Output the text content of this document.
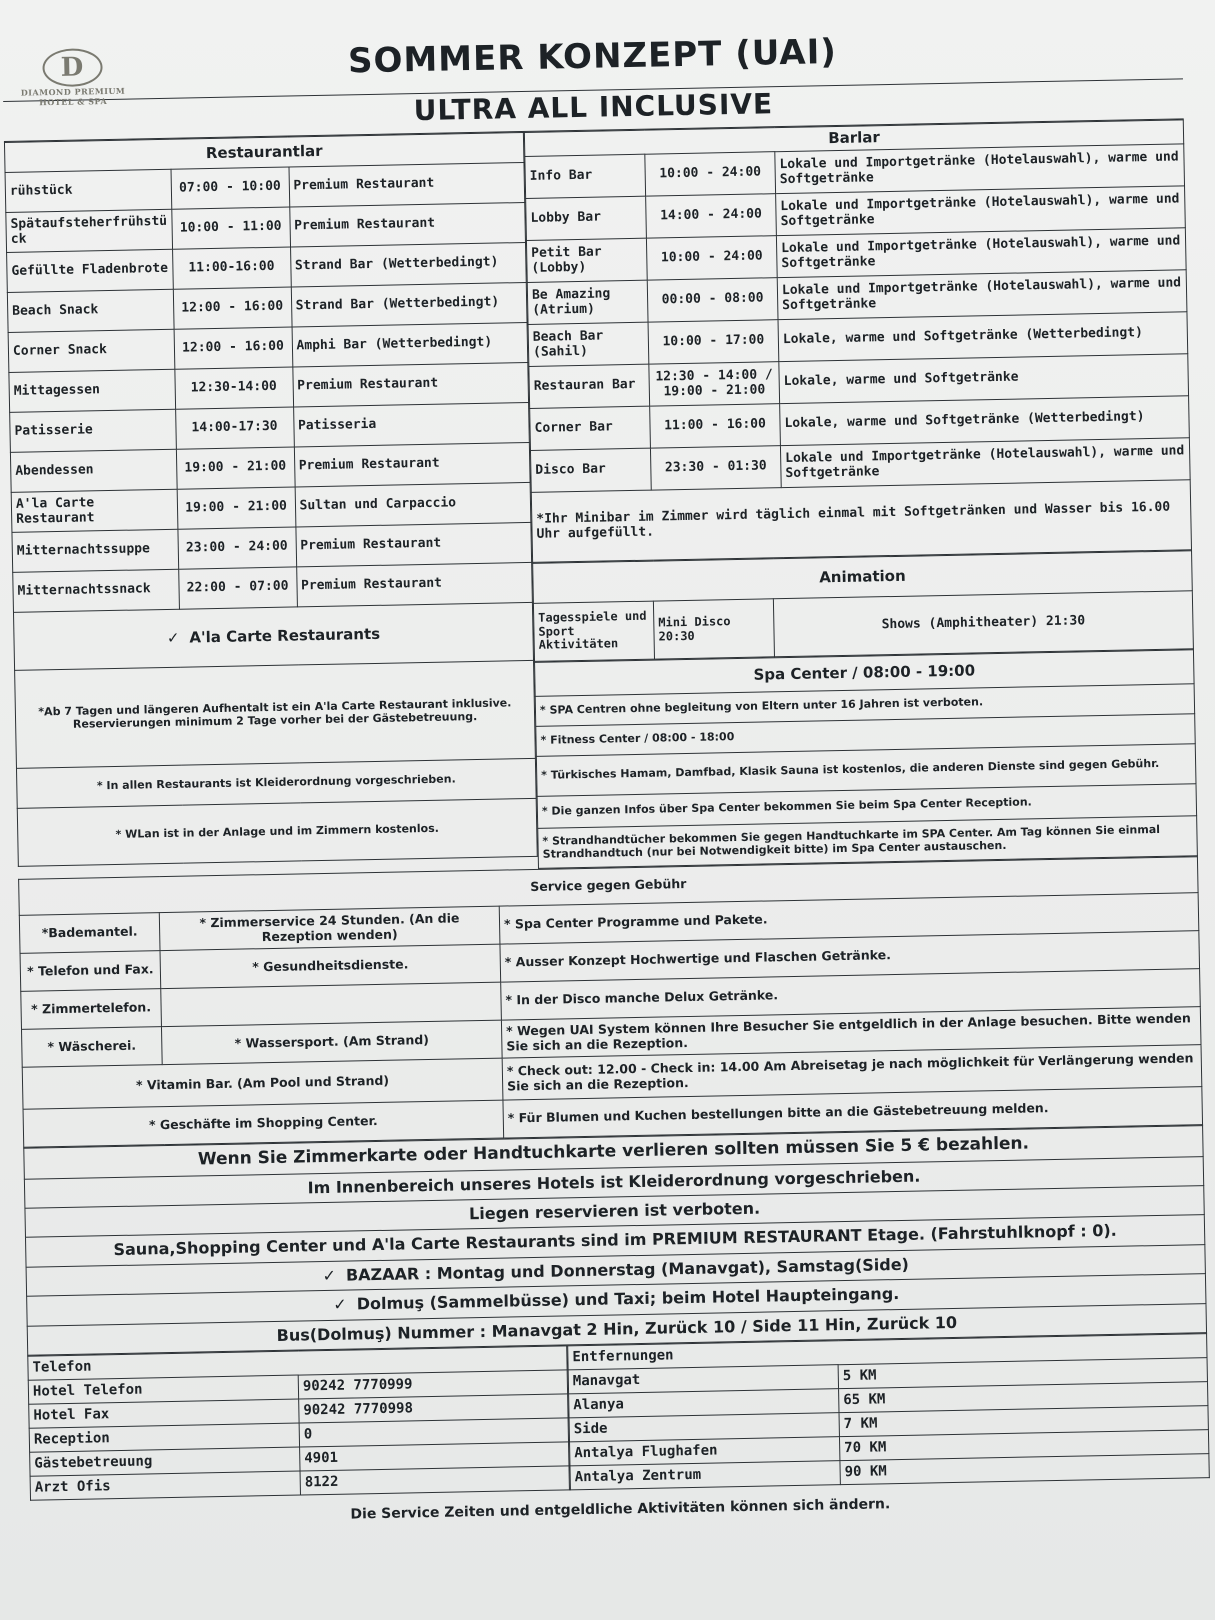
D
DIAMOND PREMIUM
HOTEL & SPA
SOMMER KONZEPT (UAI)
ULTRA ALL INCLUSIVE
Restaurantlar		
rühstück	07:00 - 10:00	Premium Restaurant
Spätaufsteherfrühstü ck	10:00 - 11:00	Premium Restaurant
Gefüllte Fladenbrote	11:00-16:00	Strand Bar (Wetterbedingt)
Beach Snack	12:00 - 16:00	Strand Bar (Wetterbedingt)
Corner Snack	12:00 - 16:00	Amphi Bar (Wetterbedingt)
Mittagessen	12:30-14:00	Premium Restaurant
Patisserie	14:00-17:30	Patisseria
Abendessen	19:00 - 21:00	Premium Restaurant
A'la Carte Restaurant	19:00 - 21:00	Sultan und Carpaccio
Mitternachtssuppe	23:00 - 24:00	Premium Restaurant
Mitternachtssnack	22:00 - 07:00	Premium Restaurant
✓ A'la Carte Restaurants		
*Ab 7 Tagen und längeren Aufhentalt ist ein A'la Carte Restaurant inklusive. Reservierungen minimum 2 Tage vorher bei der Gästebetreuung.		
* In allen Restaurants ist Kleiderordnung vorgeschrieben.		
* WLan ist in der Anlage und im Zimmern kostenlos.		
Barlar		
Info Bar	10:00 - 24:00	Lokale und Importgetränke (Hotelauswahl), warme und Softgetränke
Lobby Bar	14:00 - 24:00	Lokale und Importgetränke (Hotelauswahl), warme und Softgetränke
Petit Bar (Lobby)	10:00 - 24:00	Lokale und Importgetränke (Hotelauswahl), warme und Softgetränke
Be Amazing (Atrium)	00:00 - 08:00	Lokale und Importgetränke (Hotelauswahl), warme und Softgetränke
Beach Bar (Sahil)	10:00 - 17:00	Lokale, warme und Softgetränke (Wetterbedingt)
Restauran Bar	12:30 - 14:00 / 19:00 - 21:00	Lokale, warme und Softgetränke
Corner Bar	11:00 - 16:00	Lokale, warme und Softgetränke (Wetterbedingt)
Disco Bar	23:30 - 01:30	Lokale und Importgetränke (Hotelauswahl), warme und Softgetränke
*Ihr Minibar im Zimmer wird täglich einmal mit Softgetränken und Wasser bis 16.00 Uhr aufgefüllt.		
Animation
Tagesspiele und Sport Aktivitäten	Mini Disco 20:30	Shows (Amphitheater) 21:30
Spa Center / 08:00 - 19:00
* SPA Centren ohne begleitung von Eltern unter 16 Jahren ist verboten.
* Fitness Center / 08:00 - 18:00
* Türkisches Hamam, Damfbad, Klasik Sauna ist kostenlos, die anderen Dienste sind gegen Gebühr.
* Die ganzen Infos über Spa Center bekommen Sie beim Spa Center Reception.
* Strandhandtücher bekommen Sie gegen Handtuchkarte im SPA Center. Am Tag können Sie einmal Strandhandtuch (nur bei Notwendigkeit bitte) im Spa Center austauschen.
Service gegen Gebühr		
*Bademantel.	* Zimmerservice 24 Stunden. (An die Rezeption wenden)	* Spa Center Programme und Pakete.
* Telefon und Fax.	* Gesundheitsdienste.	* Ausser Konzept Hochwertige und Flaschen Getränke.
* Zimmertelefon.		* In der Disco manche Delux Getränke.
* Wäscherei.	* Wassersport. (Am Strand)	* Wegen UAI System können Ihre Besucher Sie entgeldlich in der Anlage besuchen. Bitte wenden Sie sich an die Rezeption.
* Vitamin Bar. (Am Pool und Strand)		* Check out: 12.00 - Check in: 14.00 Am Abreisetag je nach möglichkeit für Verlängerung wenden Sie sich an die Rezeption.
* Geschäfte im Shopping Center.		* Für Blumen und Kuchen bestellungen bitte an die Gästebetreuung melden.
Wenn Sie Zimmerkarte oder Handtuchkarte verlieren sollten müssen Sie 5 € bezahlen.
Im Innenbereich unseres Hotels ist Kleiderordnung vorgeschrieben.
Liegen reservieren ist verboten.
Sauna,Shopping Center und A'la Carte Restaurants sind im PREMIUM RESTAURANT Etage. (Fahrstuhlknopf : 0).
✓ BAZAAR : Montag und Donnerstag (Manavgat), Samstag(Side)
✓ Dolmuş (Sammelbüsse) und Taxi; beim Hotel Haupteingang.
Bus(Dolmuş) Nummer : Manavgat 2 Hin, Zurück 10 / Side 11 Hin, Zurück 10
Telefon	
Hotel Telefon	90242 7770999
Hotel Fax	90242 7770998
Reception	0
Gästebetreuung	4901
Arzt Ofis	8122
Entfernungen	
Manavgat	5 KM
Alanya	65 KM
Side	7 KM
Antalya Flughafen	70 KM
Antalya Zentrum	90 KM
Die Service Zeiten und entgeldliche Aktivitäten können sich ändern.
